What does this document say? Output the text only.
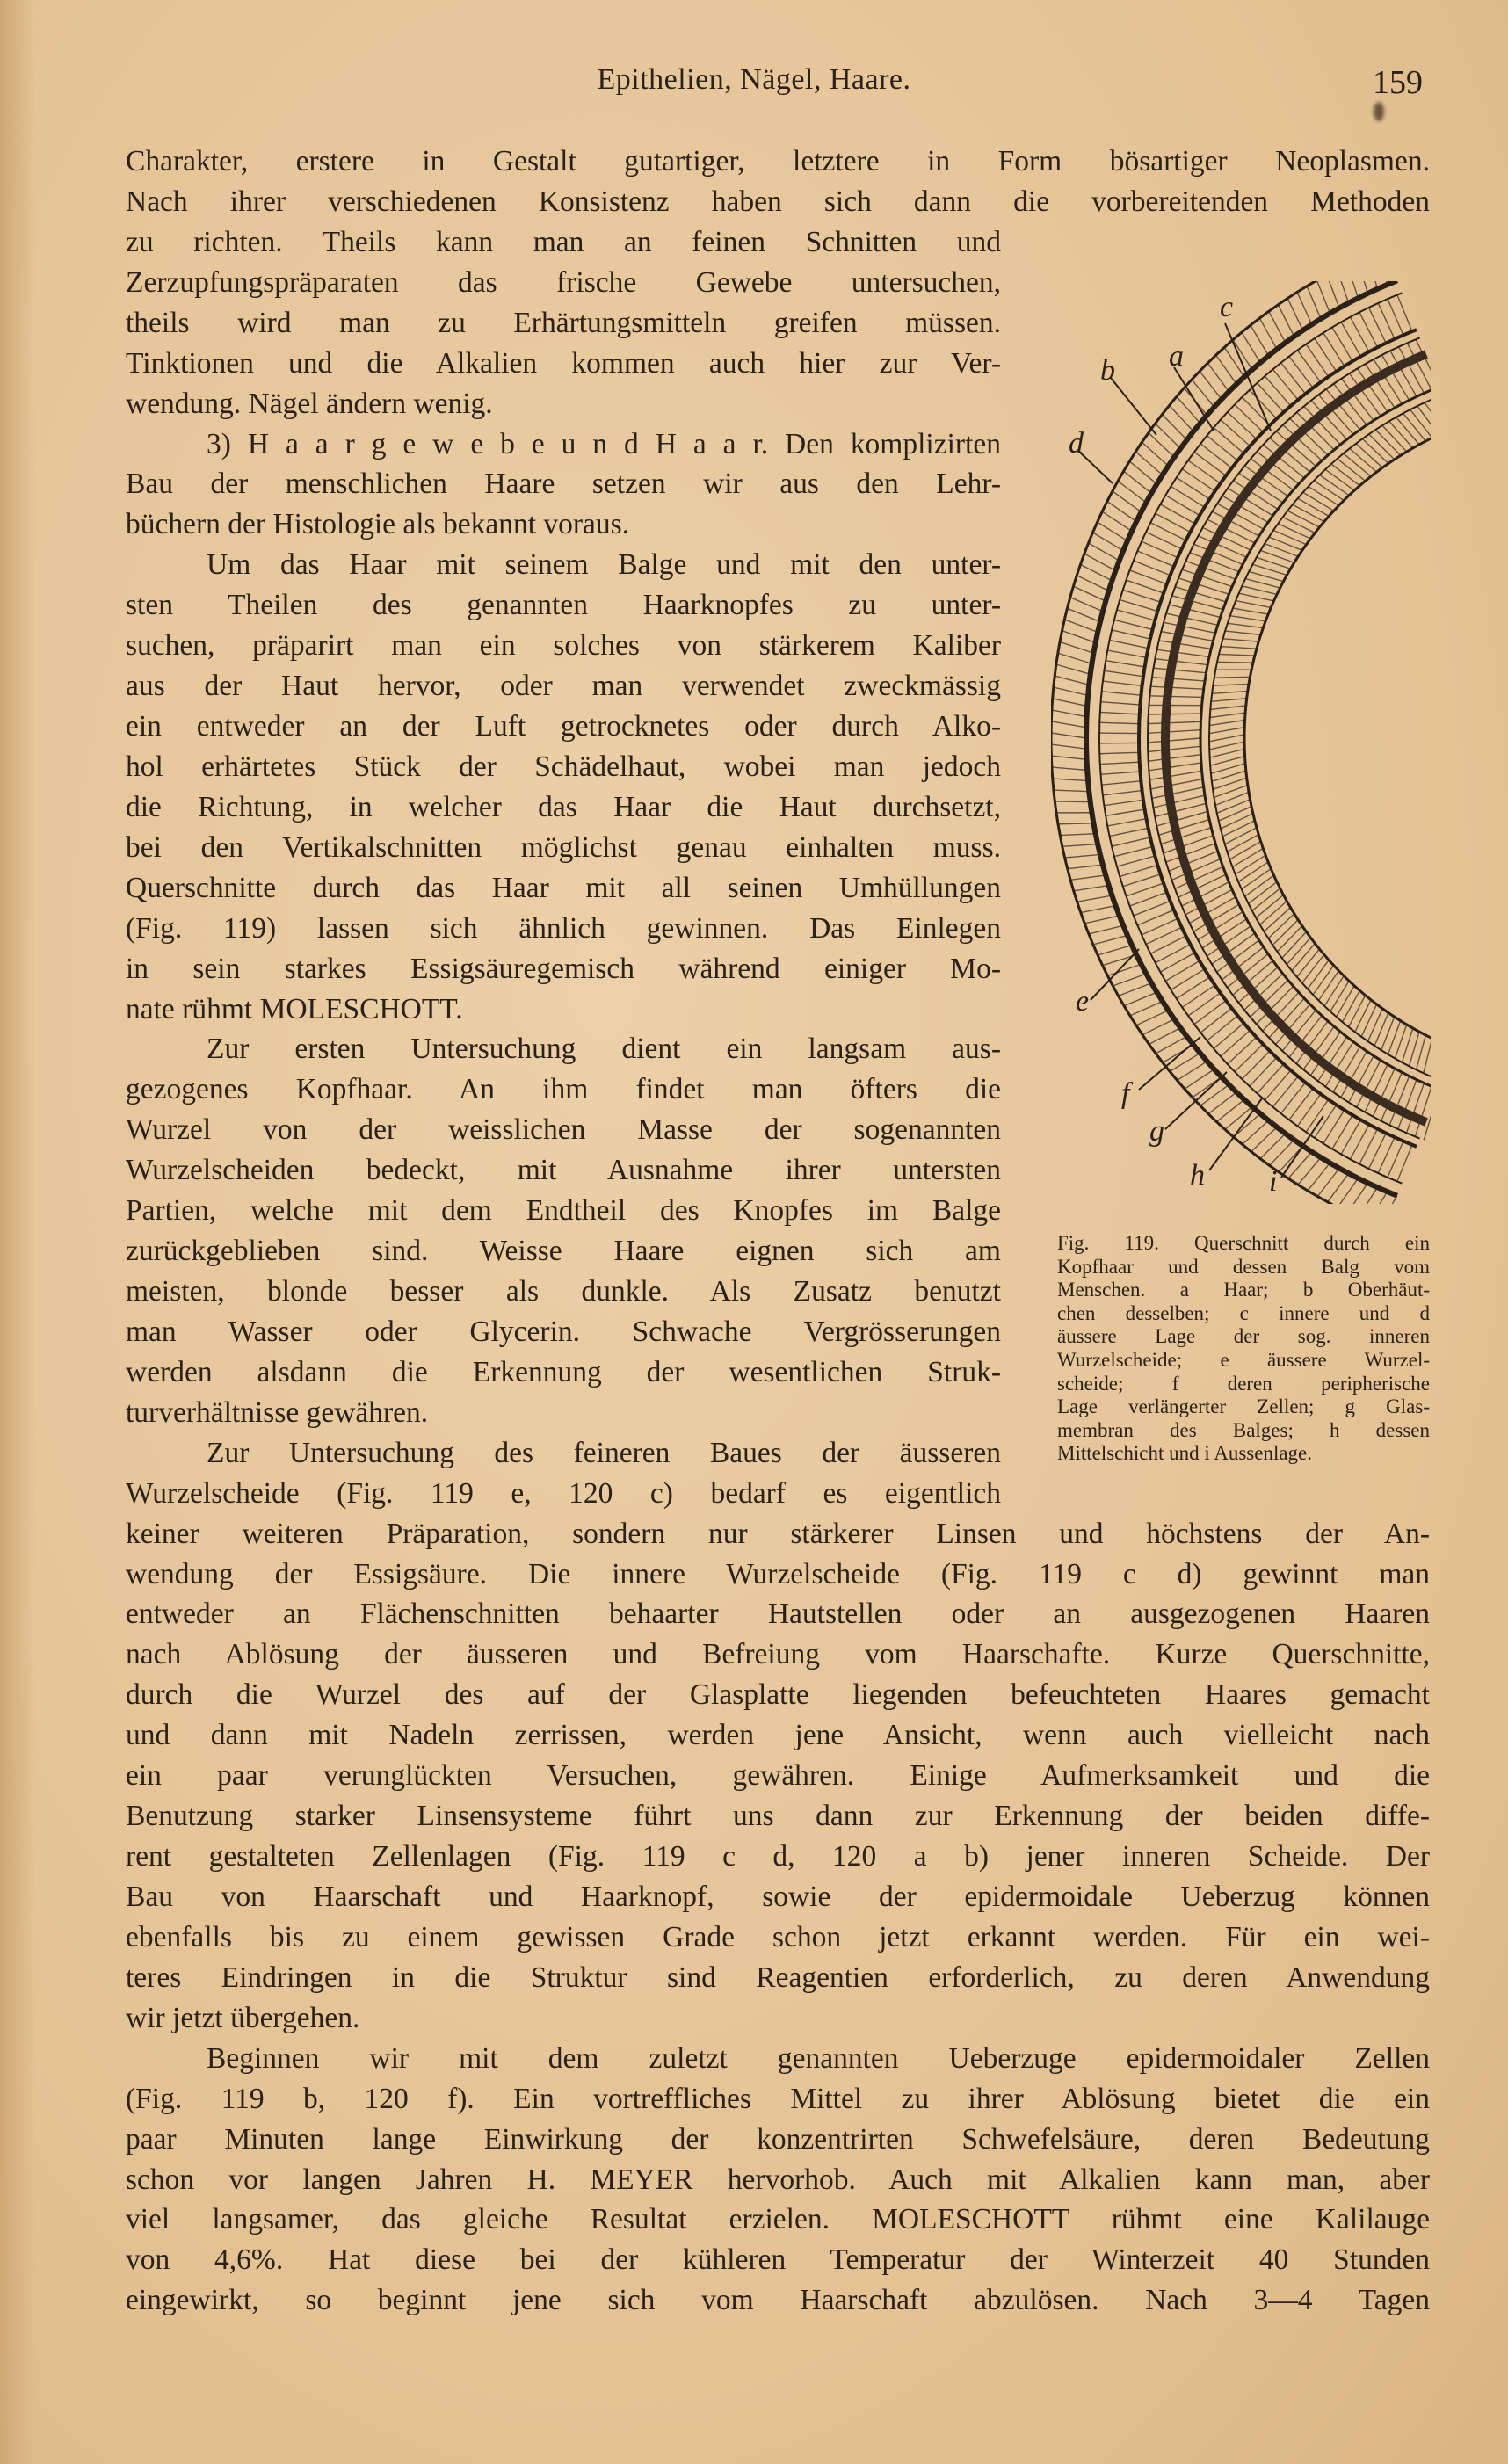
Epithelien, Nägel, Haare.	159
Charakter, erstere in Gestalt gutartiger, letztere in Form bösartiger Neoplasmen.
Nach ihrer verschiedenen Konsistenz haben sich dann die vorbereitenden Methoden
zu richten. Theils kann man an feinen Schnitten und
Zerzupfungspräparaten das frische Gewebe untersuchen,
theils wird man zu Erhärtungsmitteln greifen müssen.
Tinktionen und die Alkalien kommen auch hier zur Ver-
wendung. Nägel ändern wenig.
3) H a a r g e w e b e u n d H a a r. Den komplizirten
Bau der menschlichen Haare setzen wir aus den Lehr-
büchern der Histologie als bekannt voraus.
Um das Haar mit seinem Balge und mit den unter-
sten Theilen des genannten Haarknopfes zu unter-
suchen, präparirt man ein solches von stärkerem Kaliber
aus der Haut hervor, oder man verwendet zweckmässig
ein entweder an der Luft getrocknetes oder durch Alko-
hol erhärtetes Stück der Schädelhaut, wobei man jedoch
die Richtung, in welcher das Haar die Haut durchsetzt,
bei den Vertikalschnitten möglichst genau einhalten muss.
Querschnitte durch das Haar mit all seinen Umhüllungen
(Fig. 119) lassen sich ähnlich gewinnen. Das Einlegen
in sein starkes Essigsäuregemisch während einiger Mo-
nate rühmt MOLESCHOTT.
Zur ersten Untersuchung dient ein langsam aus-
gezogenes Kopfhaar. An ihm findet man öfters die
Wurzel von der weisslichen Masse der sogenannten
Wurzelscheiden bedeckt, mit Ausnahme ihrer untersten
Partien, welche mit dem Endtheil des Knopfes im Balge
zurückgeblieben sind. Weisse Haare eignen sich am
meisten, blonde besser als dunkle. Als Zusatz benutzt
man Wasser oder Glycerin. Schwache Vergrösserungen
werden alsdann die Erkennung der wesentlichen Struk-
turverhältnisse gewähren.
Zur Untersuchung des feineren Baues der äusseren
Wurzelscheide (Fig. 119 e, 120 c) bedarf es eigentlich
keiner weiteren Präparation, sondern nur stärkerer Linsen und höchstens der An-
wendung der Essigsäure. Die innere Wurzelscheide (Fig. 119 c d) gewinnt man
entweder an Flächenschnitten behaarter Hautstellen oder an ausgezogenen Haaren
nach Ablösung der äusseren und Befreiung vom Haarschafte. Kurze Querschnitte,
durch die Wurzel des auf der Glasplatte liegenden befeuchteten Haares gemacht
und dann mit Nadeln zerrissen, werden jene Ansicht, wenn auch vielleicht nach
ein paar verunglückten Versuchen, gewähren. Einige Aufmerksamkeit und die
Benutzung starker Linsensysteme führt uns dann zur Erkennung der beiden diffe-
rent gestalteten Zellenlagen (Fig. 119 c d, 120 a b) jener inneren Scheide. Der
Bau von Haarschaft und Haarknopf, sowie der epidermoidale Ueberzug können
ebenfalls bis zu einem gewissen Grade schon jetzt erkannt werden. Für ein wei-
teres Eindringen in die Struktur sind Reagentien erforderlich, zu deren Anwendung
wir jetzt übergehen.
Beginnen wir mit dem zuletzt genannten Ueberzuge epidermoidaler Zellen
(Fig. 119 b, 120 f). Ein vortreffliches Mittel zu ihrer Ablösung bietet die ein
paar Minuten lange Einwirkung der konzentrirten Schwefelsäure, deren Bedeutung
schon vor langen Jahren H. MEYER hervorhob. Auch mit Alkalien kann man, aber
viel langsamer, das gleiche Resultat erzielen. MOLESCHOTT rühmt eine Kalilauge
von 4,6%. Hat diese bei der kühleren Temperatur der Winterzeit 40 Stunden
eingewirkt, so beginnt jene sich vom Haarschaft abzulösen. Nach 3—4 Tagen
c
a
b
d
e
f
g
h i
Fig. 119. Querschnitt durch ein
Kopfhaar und dessen Balg vom
Menschen. a Haar; b Oberhäut-
chen desselben; c innere und d
äussere Lage der sog. inneren
Wurzelscheide; e äussere Wurzel-
scheide; f deren peripherische
Lage verlängerter Zellen; g Glas-
membran des Balges; h dessen
Mittelschicht und i Aussenlage.
